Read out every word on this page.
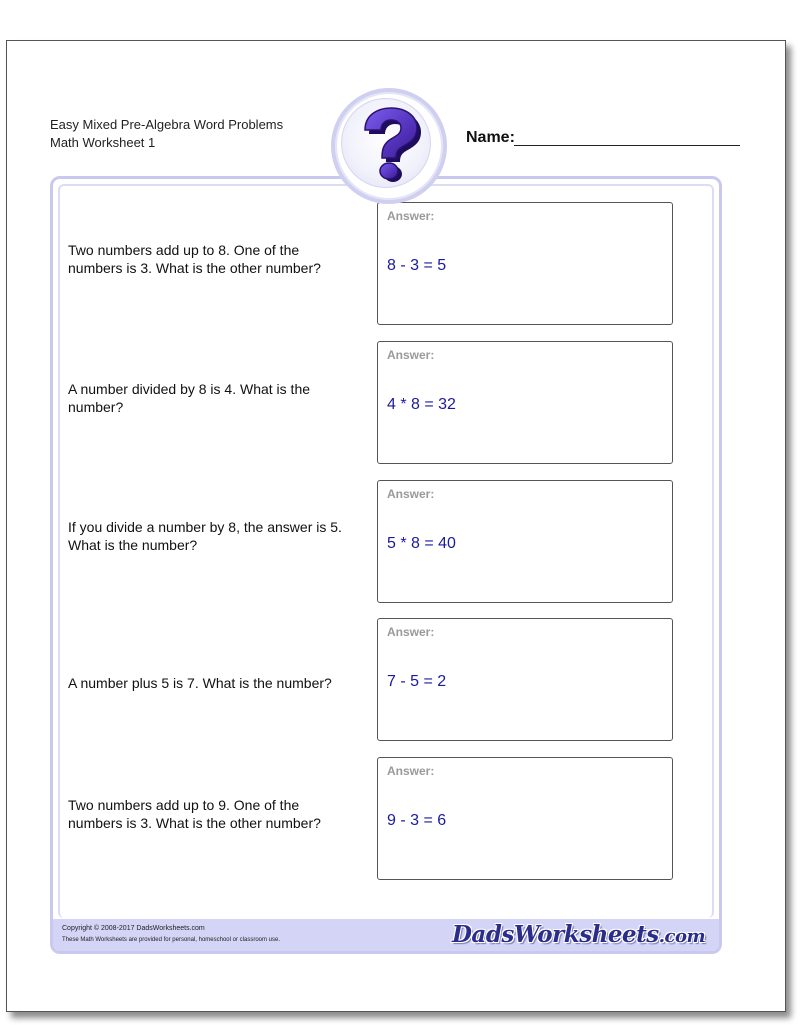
Easy Mixed Pre-Algebra Word Problems
Math Worksheet 1	Name:
Copyright © 2008-2017 DadsWorksheets.com
These Math Worksheets are provided for personal, homeschool or classroom use.	DadsWorksheets.com
Two numbers add up to 8. One of the numbers is 3. What is the other number?
Answer:
8 - 3 = 5
A number divided by 8 is 4. What is the number?
Answer:
4 * 8 = 32
If you divide a number by 8, the answer is 5. What is the number?
Answer:
5 * 8 = 40
A number plus 5 is 7. What is the number?
Answer:
7 - 5 = 2
Two numbers add up to 9. One of the numbers is 3. What is the other number?
Answer:
9 - 3 = 6
